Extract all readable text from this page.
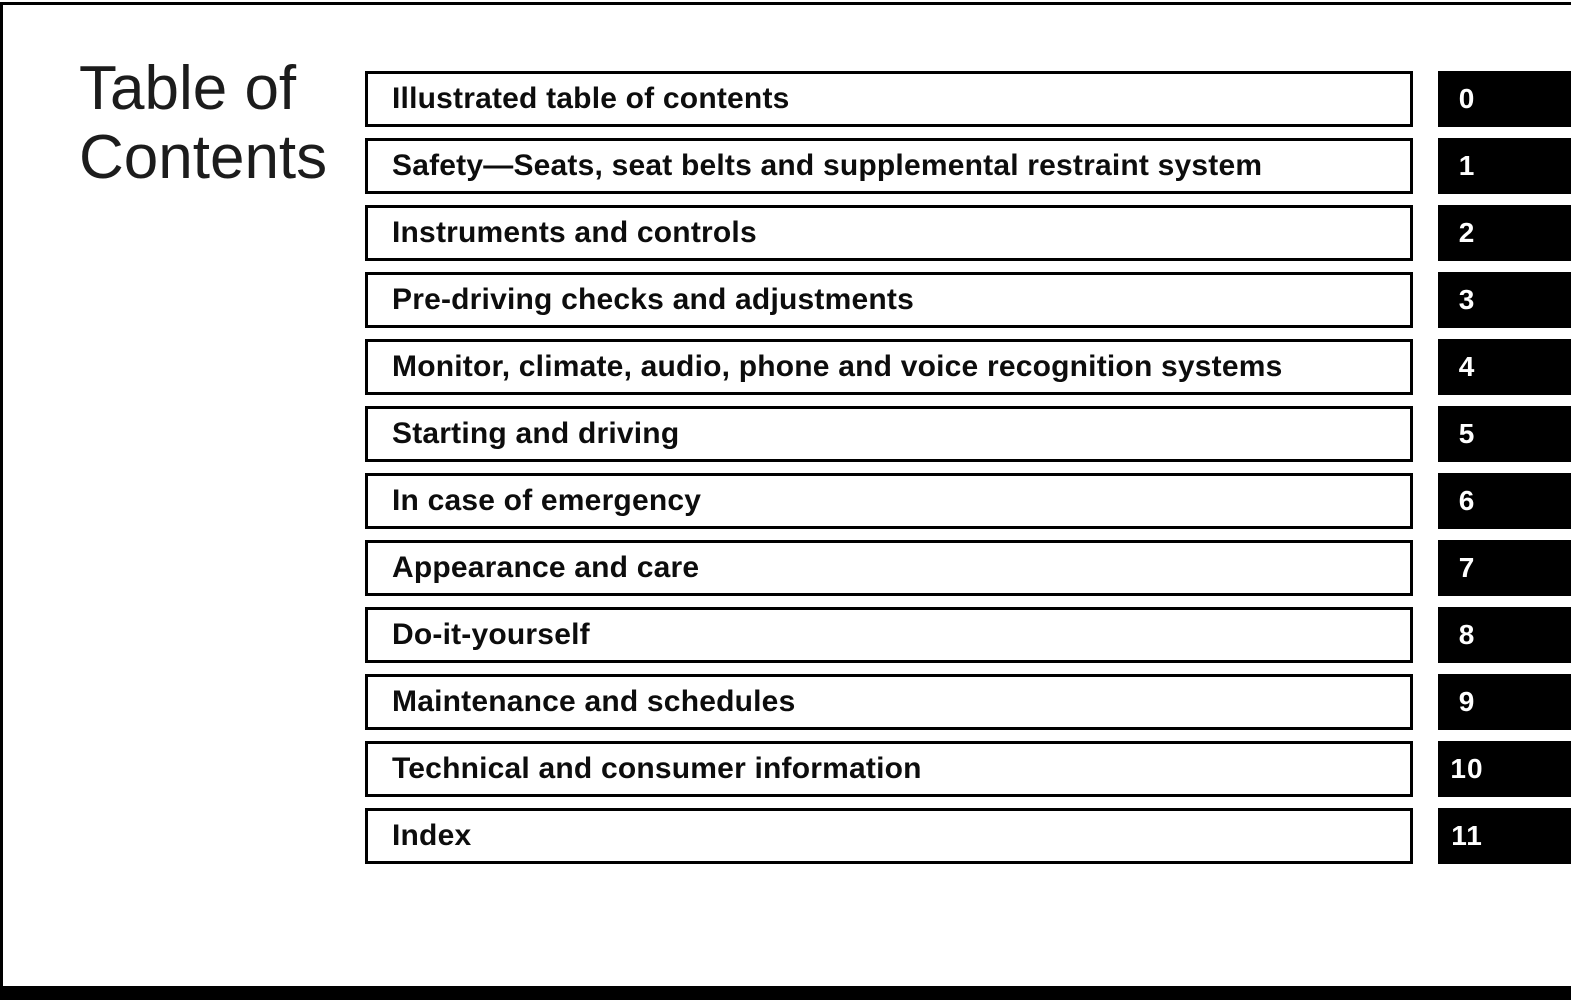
Table of
Contents
Illustrated table of contents	0
Safety—Seats, seat belts and supplemental restraint system	1
Instruments and controls	2
Pre-driving checks and adjustments	3
Monitor, climate, audio, phone and voice recognition systems	4
Starting and driving	5
In case of emergency	6
Appearance and care	7
Do-it-yourself	8
Maintenance and schedules	9
Technical and consumer information	10
Index	11
